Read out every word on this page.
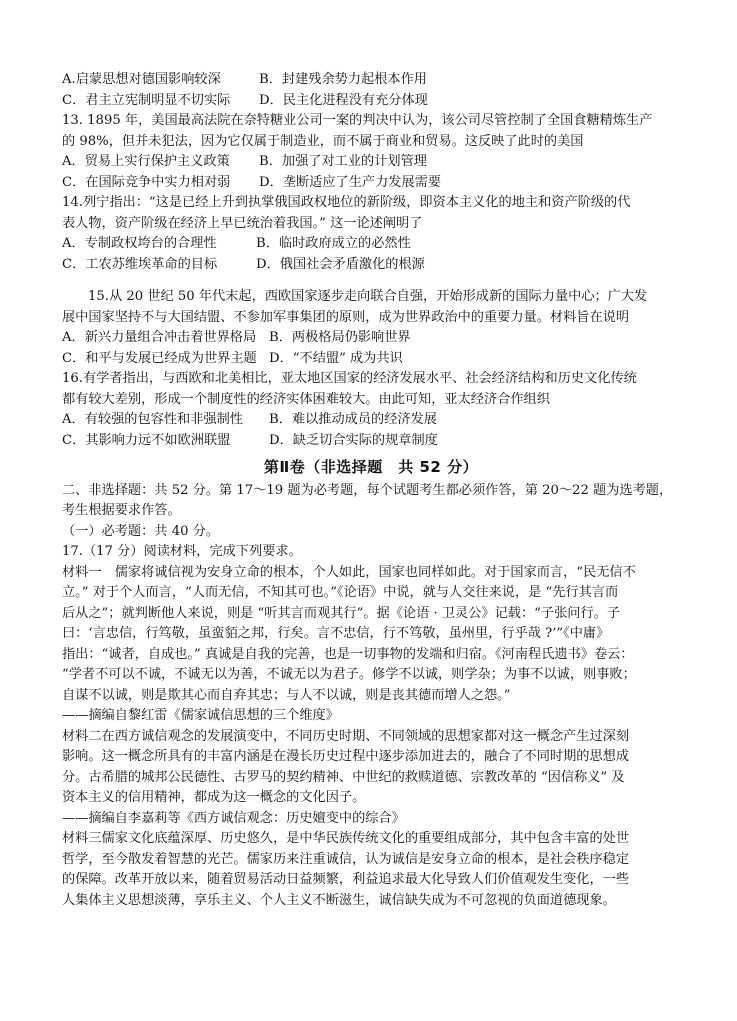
A.启蒙思想对德国影响较深	B．封建残余势力起根本作用
C．君主立宪制明显不切实际	D．民主化进程没有充分体现
13. 1895 年，美国最高法院在奈特糖业公司一案的判决中认为，该公司尽管控制了全国食糖精炼生产
的 98%，但并未犯法，因为它仅属于制造业，而不属于商业和贸易。这反映了此时的美国
A．贸易上实行保护主义政策	B．加强了对工业的计划管理
C．在国际竞争中实力相对弱	D．垄断适应了生产力发展需要
14.列宁指出：“这是已经上升到执掌俄国政权地位的新阶级，即资本主义化的地主和资产阶级的代
表人物，资产阶级在经济上早已统治着我国。” 这一论述阐明了
A．专制政权垮台的合理性	B．临时政府成立的必然性
C．工农苏维埃革命的目标	D．俄国社会矛盾激化的根源
15.从 20 世纪 50 年代末起，西欧国家逐步走向联合自强，开始形成新的国际力量中心；广大发
展中国家坚持不与大国结盟、不参加军事集团的原则，成为世界政治中的重要力量。材料旨在说明
A．新兴力量组合冲击着世界格局 B．两极格局仍影响世界
C．和平与发展已经成为世界主题 D．“不结盟” 成为共识
16.有学者指出，与西欧和北美相比，亚太地区国家的经济发展水平、社会经济结构和历史文化传统
都有较大差别，形成一个制度性的经济实体困难较大。由此可知，亚太经济合作组织
A．有较强的包容性和非强制性	B．难以推动成员的经济发展
C．其影响力远不如欧洲联盟	D．缺乏切合实际的规章制度
第Ⅱ卷（非选择题　共 52 分）
二、非选择题：共 52 分。第 17～19 题为必考题，每个试题考生都必须作答，第 20～22 题为选考题，
考生根据要求作答。
（一）必考题：共 40 分。
17.（17 分）阅读材料，完成下列要求。
材料一　儒家将诚信视为安身立命的根本，个人如此，国家也同样如此。对于国家而言，“民无信不
立。” 对于个人而言，“人而无信，不知其可也。”《论语》中说，就与人交往来说，是 “先行其言而
后从之”；就判断他人来说，则是 “听其言而观其行”。据《论语 · 卫灵公》记载：“子张问行。子
曰：‘言忠信，行笃敬，虽蛮貊之邦，行矣。言不忠信，行不笃敬，虽州里，行乎哉 ?’”《中庸》
指出：“诚者，自成也。” 真诚是自我的完善，也是一切事物的发端和归宿。《河南程氏遗书》卷云：
“学者不可以不诚，不诚无以为善，不诚无以为君子。修学不以诚，则学杂；为事不以诚，则事败；
自谋不以诚，则是欺其心而自弃其忠；与人不以诚，则是丧其德而增人之怨。”
——摘编自黎红雷《儒家诚信思想的三个维度》
材料二在西方诚信观念的发展演变中，不同历史时期、不同领域的思想家都对这一概念产生过深刻
影响。这一概念所具有的丰富内涵是在漫长历史过程中逐步添加进去的，融合了不同时期的思想成
分。古希腊的城邦公民德性、古罗马的契约精神、中世纪的救赎道德、宗教改革的 “因信称义” 及
资本主义的信用精神，都成为这一概念的文化因子。
——摘编自李嘉莉等《西方诚信观念：历史嬗变中的综合》
材料三儒家文化底蕴深厚、历史悠久，是中华民族传统文化的重要组成部分，其中包含丰富的处世
哲学，至今散发着智慧的光芒。儒家历来注重诚信，认为诚信是安身立命的根本，是社会秩序稳定
的保障。改革开放以来，随着贸易活动日益频繁，利益追求最大化导致人们价值观发生变化，一些
人集体主义思想淡薄，享乐主义、个人主义不断滋生，诚信缺失成为不可忽视的负面道德现象。
